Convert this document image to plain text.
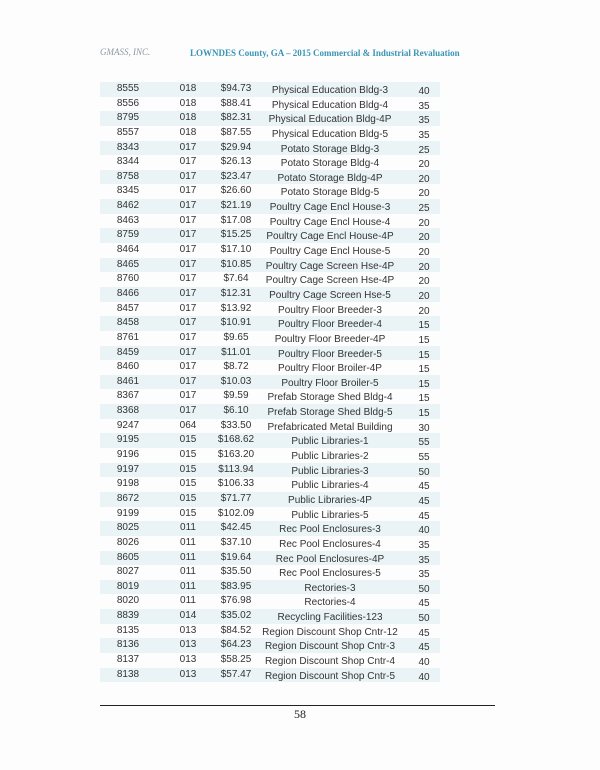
GMASS, INC.	LOWNDES County, GA – 2015 Commercial & Industrial Revaluation
8555	018	$94.73	Physical Education Bldg-3	40
8556	018	$88.41	Physical Education Bldg-4	35
8795	018	$82.31	Physical Education Bldg-4P	35
8557	018	$87.55	Physical Education Bldg-5	35
8343	017	$29.94	Potato Storage Bldg-3	25
8344	017	$26.13	Potato Storage Bldg-4	20
8758	017	$23.47	Potato Storage Bldg-4P	20
8345	017	$26.60	Potato Storage Bldg-5	20
8462	017	$21.19	Poultry Cage Encl House-3	25
8463	017	$17.08	Poultry Cage Encl House-4	20
8759	017	$15.25	Poultry Cage Encl House-4P	20
8464	017	$17.10	Poultry Cage Encl House-5	20
8465	017	$10.85	Poultry Cage Screen Hse-4P	20
8760	017	$7.64	Poultry Cage Screen Hse-4P	20
8466	017	$12.31	Poultry Cage Screen Hse-5	20
8457	017	$13.92	Poultry Floor Breeder-3	20
8458	017	$10.91	Poultry Floor Breeder-4	15
8761	017	$9.65	Poultry Floor Breeder-4P	15
8459	017	$11.01	Poultry Floor Breeder-5	15
8460	017	$8.72	Poultry Floor Broiler-4P	15
8461	017	$10.03	Poultry Floor Broiler-5	15
8367	017	$9.59	Prefab Storage Shed Bldg-4	15
8368	017	$6.10	Prefab Storage Shed Bldg-5	15
9247	064	$33.50	Prefabricated Metal Building	30
9195	015	$168.62	Public Libraries-1	55
9196	015	$163.20	Public Libraries-2	55
9197	015	$113.94	Public Libraries-3	50
9198	015	$106.33	Public Libraries-4	45
8672	015	$71.77	Public Libraries-4P	45
9199	015	$102.09	Public Libraries-5	45
8025	011	$42.45	Rec Pool Enclosures-3	40
8026	011	$37.10	Rec Pool Enclosures-4	35
8605	011	$19.64	Rec Pool Enclosures-4P	35
8027	011	$35.50	Rec Pool Enclosures-5	35
8019	011	$83.95	Rectories-3	50
8020	011	$76.98	Rectories-4	45
8839	014	$35.02	Recycling Facilities-123	50
8135	013	$84.52	Region Discount Shop Cntr-12	45
8136	013	$64.23	Region Discount Shop Cntr-3	45
8137	013	$58.25	Region Discount Shop Cntr-4	40
8138	013	$57.47	Region Discount Shop Cntr-5	40
58
